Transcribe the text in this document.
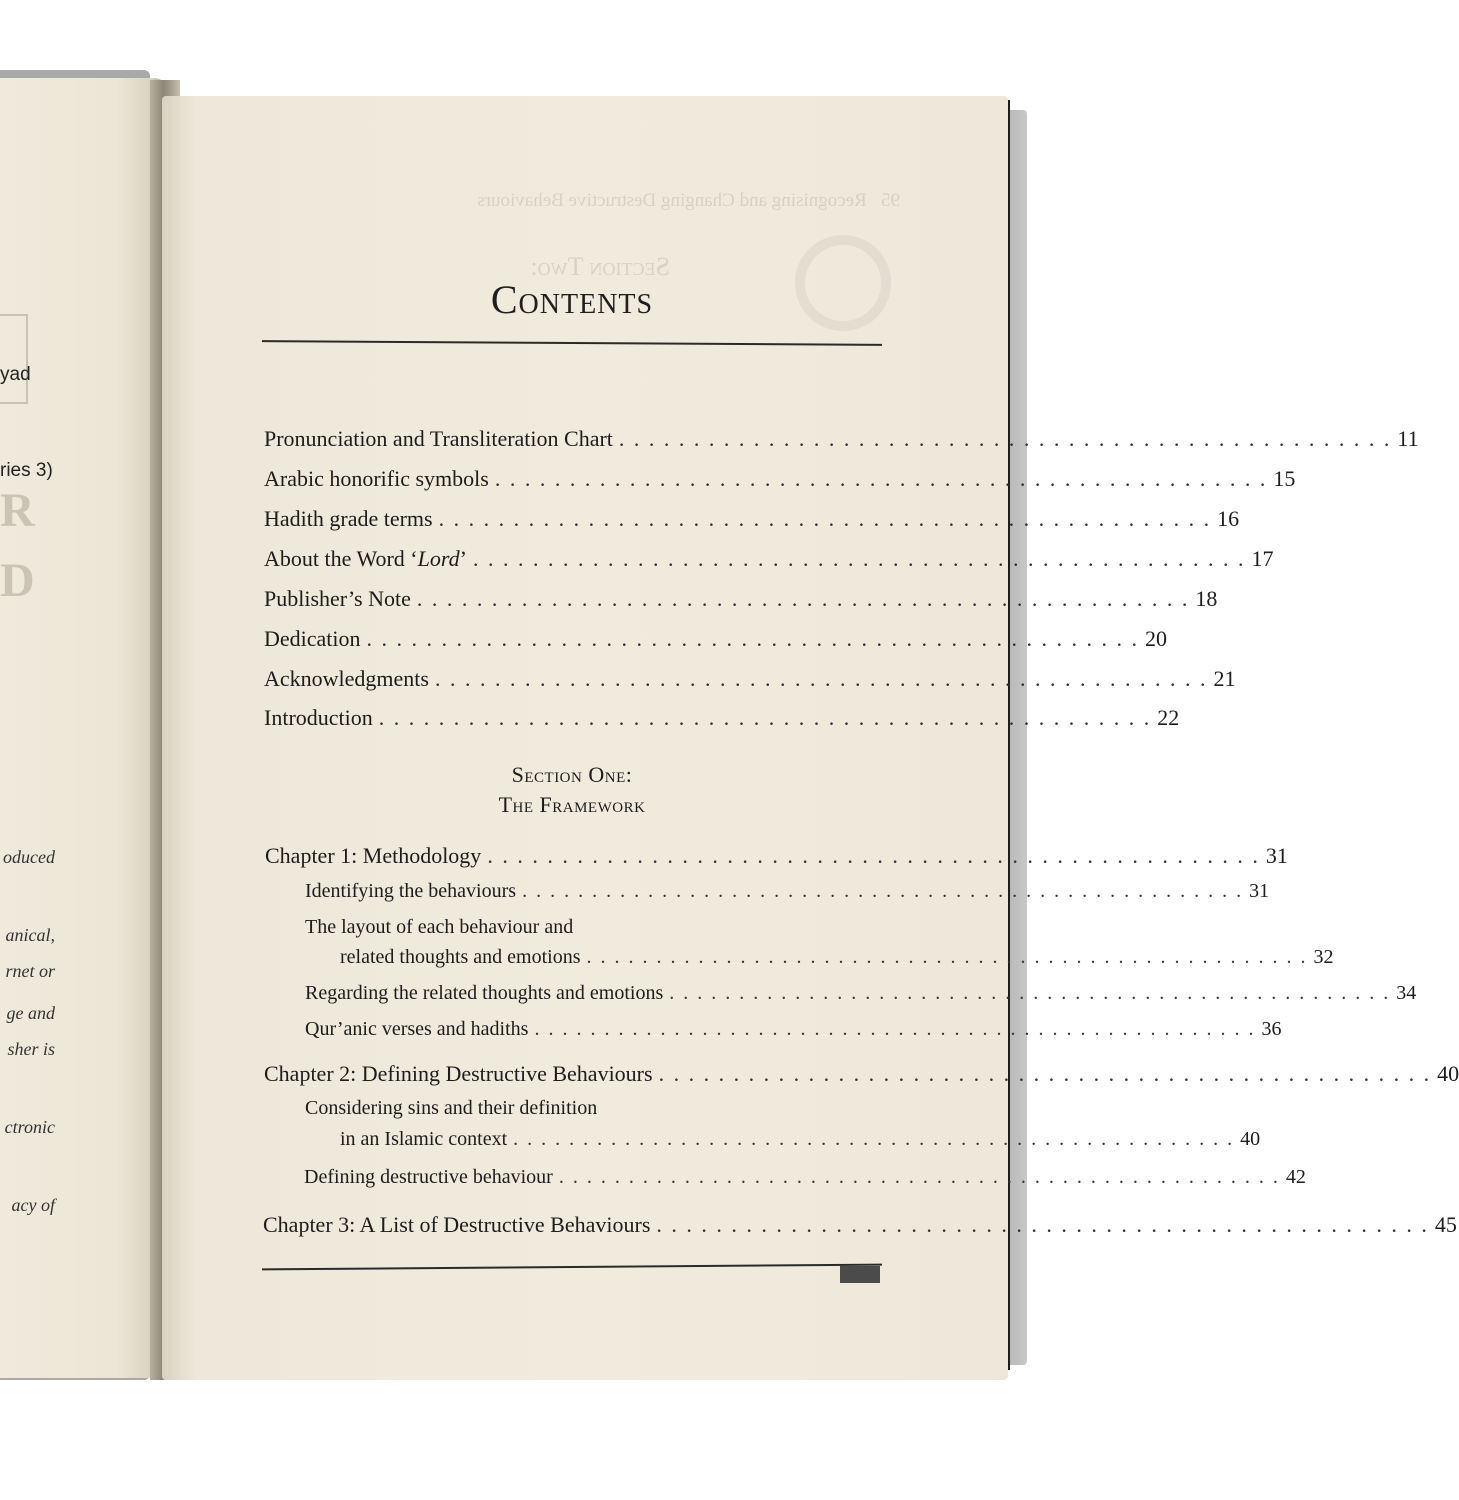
yad
ries 3)
R
D

oduced

anical,

ge and

rnet or

sher is

ctronic

acy of

Contents
Pronunciation and Transliteration Chart . . . . . . . . . . . . . . . . . . . . . . . . . . . . . . . . . . . . . . . . . . . . . . . . . . . . 11
Arabic honorific symbols . . . . . . . . . . . . . . . . . . . . . . . . . . . . . . . . . . . . . . . . . . . . . . . . . . . . 15
Hadith grade terms . . . . . . . . . . . . . . . . . . . . . . . . . . . . . . . . . . . . . . . . . . . . . . . . . . . . 16
About the Word ‘Lord’ . . . . . . . . . . . . . . . . . . . . . . . . . . . . . . . . . . . . . . . . . . . . . . . . . . . . 17
Publisher’s Note . . . . . . . . . . . . . . . . . . . . . . . . . . . . . . . . . . . . . . . . . . . . . . . . . . . . 18
Dedication . . . . . . . . . . . . . . . . . . . . . . . . . . . . . . . . . . . . . . . . . . . . . . . . . . . . 20
Acknowledgments . . . . . . . . . . . . . . . . . . . . . . . . . . . . . . . . . . . . . . . . . . . . . . . . . . . . 21
Introduction . . . . . . . . . . . . . . . . . . . . . . . . . . . . . . . . . . . . . . . . . . . . . . . . . . . . 22
Section One:
The Framework
Chapter 1: Methodology . . . . . . . . . . . . . . . . . . . . . . . . . . . . . . . . . . . . . . . . . . . . . . . . . . . . 31
Identifying the behaviours . . . . . . . . . . . . . . . . . . . . . . . . . . . . . . . . . . . . . . . . . . . . . . . . . . . . 31
The layout of each behaviour and
related thoughts and emotions . . . . . . . . . . . . . . . . . . . . . . . . . . . . . . . . . . . . . . . . . . . . . . . . . . . . 32
Regarding the related thoughts and emotions . . . . . . . . . . . . . . . . . . . . . . . . . . . . . . . . . . . . . . . . . . . . . . . . . . . . 34
Qur’anic verses and hadiths . . . . . . . . . . . . . . . . . . . . . . . . . . . . . . . . . . . . . . . . . . . . . . . . . . . . 36
Chapter 2: Defining Destructive Behaviours . . . . . . . . . . . . . . . . . . . . . . . . . . . . . . . . . . . . . . . . . . . . . . . . . . . . 40
Considering sins and their definition
in an Islamic context . . . . . . . . . . . . . . . . . . . . . . . . . . . . . . . . . . . . . . . . . . . . . . . . . . . . 40
Defining destructive behaviour . . . . . . . . . . . . . . . . . . . . . . . . . . . . . . . . . . . . . . . . . . . . . . . . . . . . 42
Chapter 3: A List of Destructive Behaviours . . . . . . . . . . . . . . . . . . . . . . . . . . . . . . . . . . . . . . . . . . . . . . . . . . . . 45
